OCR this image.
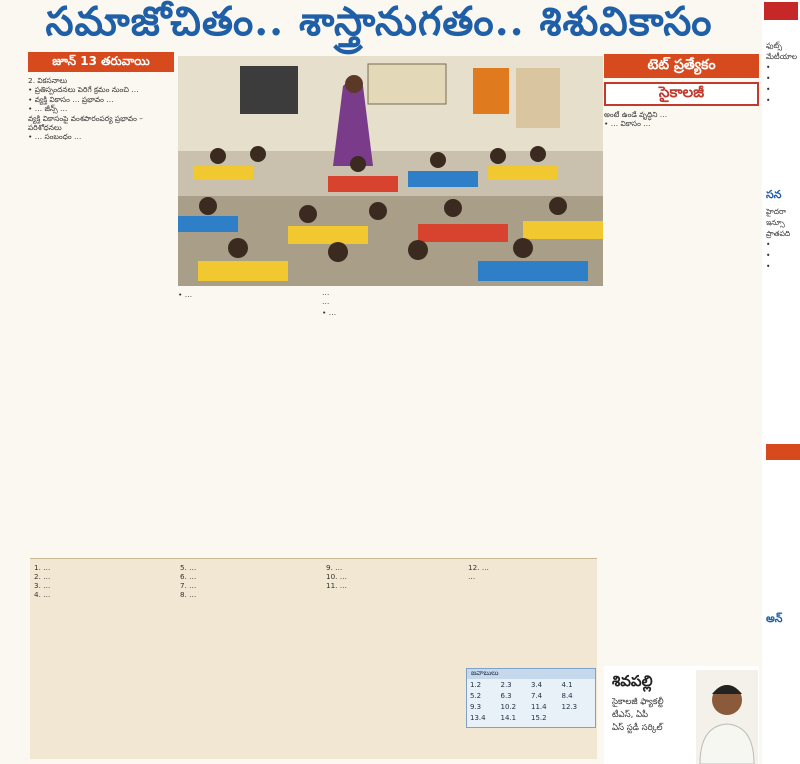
సమాజోచితం.. శాస్త్రానుగతం.. శిశువికాసం
జూన్ 13 తరువాయి	టెట్ ప్రత్యేకం
సైకాలజీ
2. వికసనాలు
• ప్రతిస్పందనలు పెరిగే క్రమం నుంచి …
• వ్యక్తి వికాసం … ప్రభావం …
• … జీన్స్ …
వ్యక్తి వికాసంపై వంశపారంపర్య ప్రభావం – పరిశోధనలు
• … సంబంధం …
…
…
• …
• …
అంటే ఉండే వృద్ధిని …
• … వికాసం …
1. …
2. …
3. …
4. …
5. …
6. …
7. …
8. …
9. …
10. …
11. …
12. …
…
జవాబులు
1.2	2.3	3.4	4.1
5.2	6.3	7.4	8.4
9.3	10.2	11.4	12.3
13.4	14.1	15.2
శివపల్లి
సైకాలజీ ఫ్యాకల్టీ
టీఎస్, ఏపీ
ఏస్ స్టడీ సర్కిల్
ఫుట్స్
మేటీయాల
•
•
•
•
సన
హైదరా
ఇన్సూ
ప్రాతపది
•
•
•
అన్
